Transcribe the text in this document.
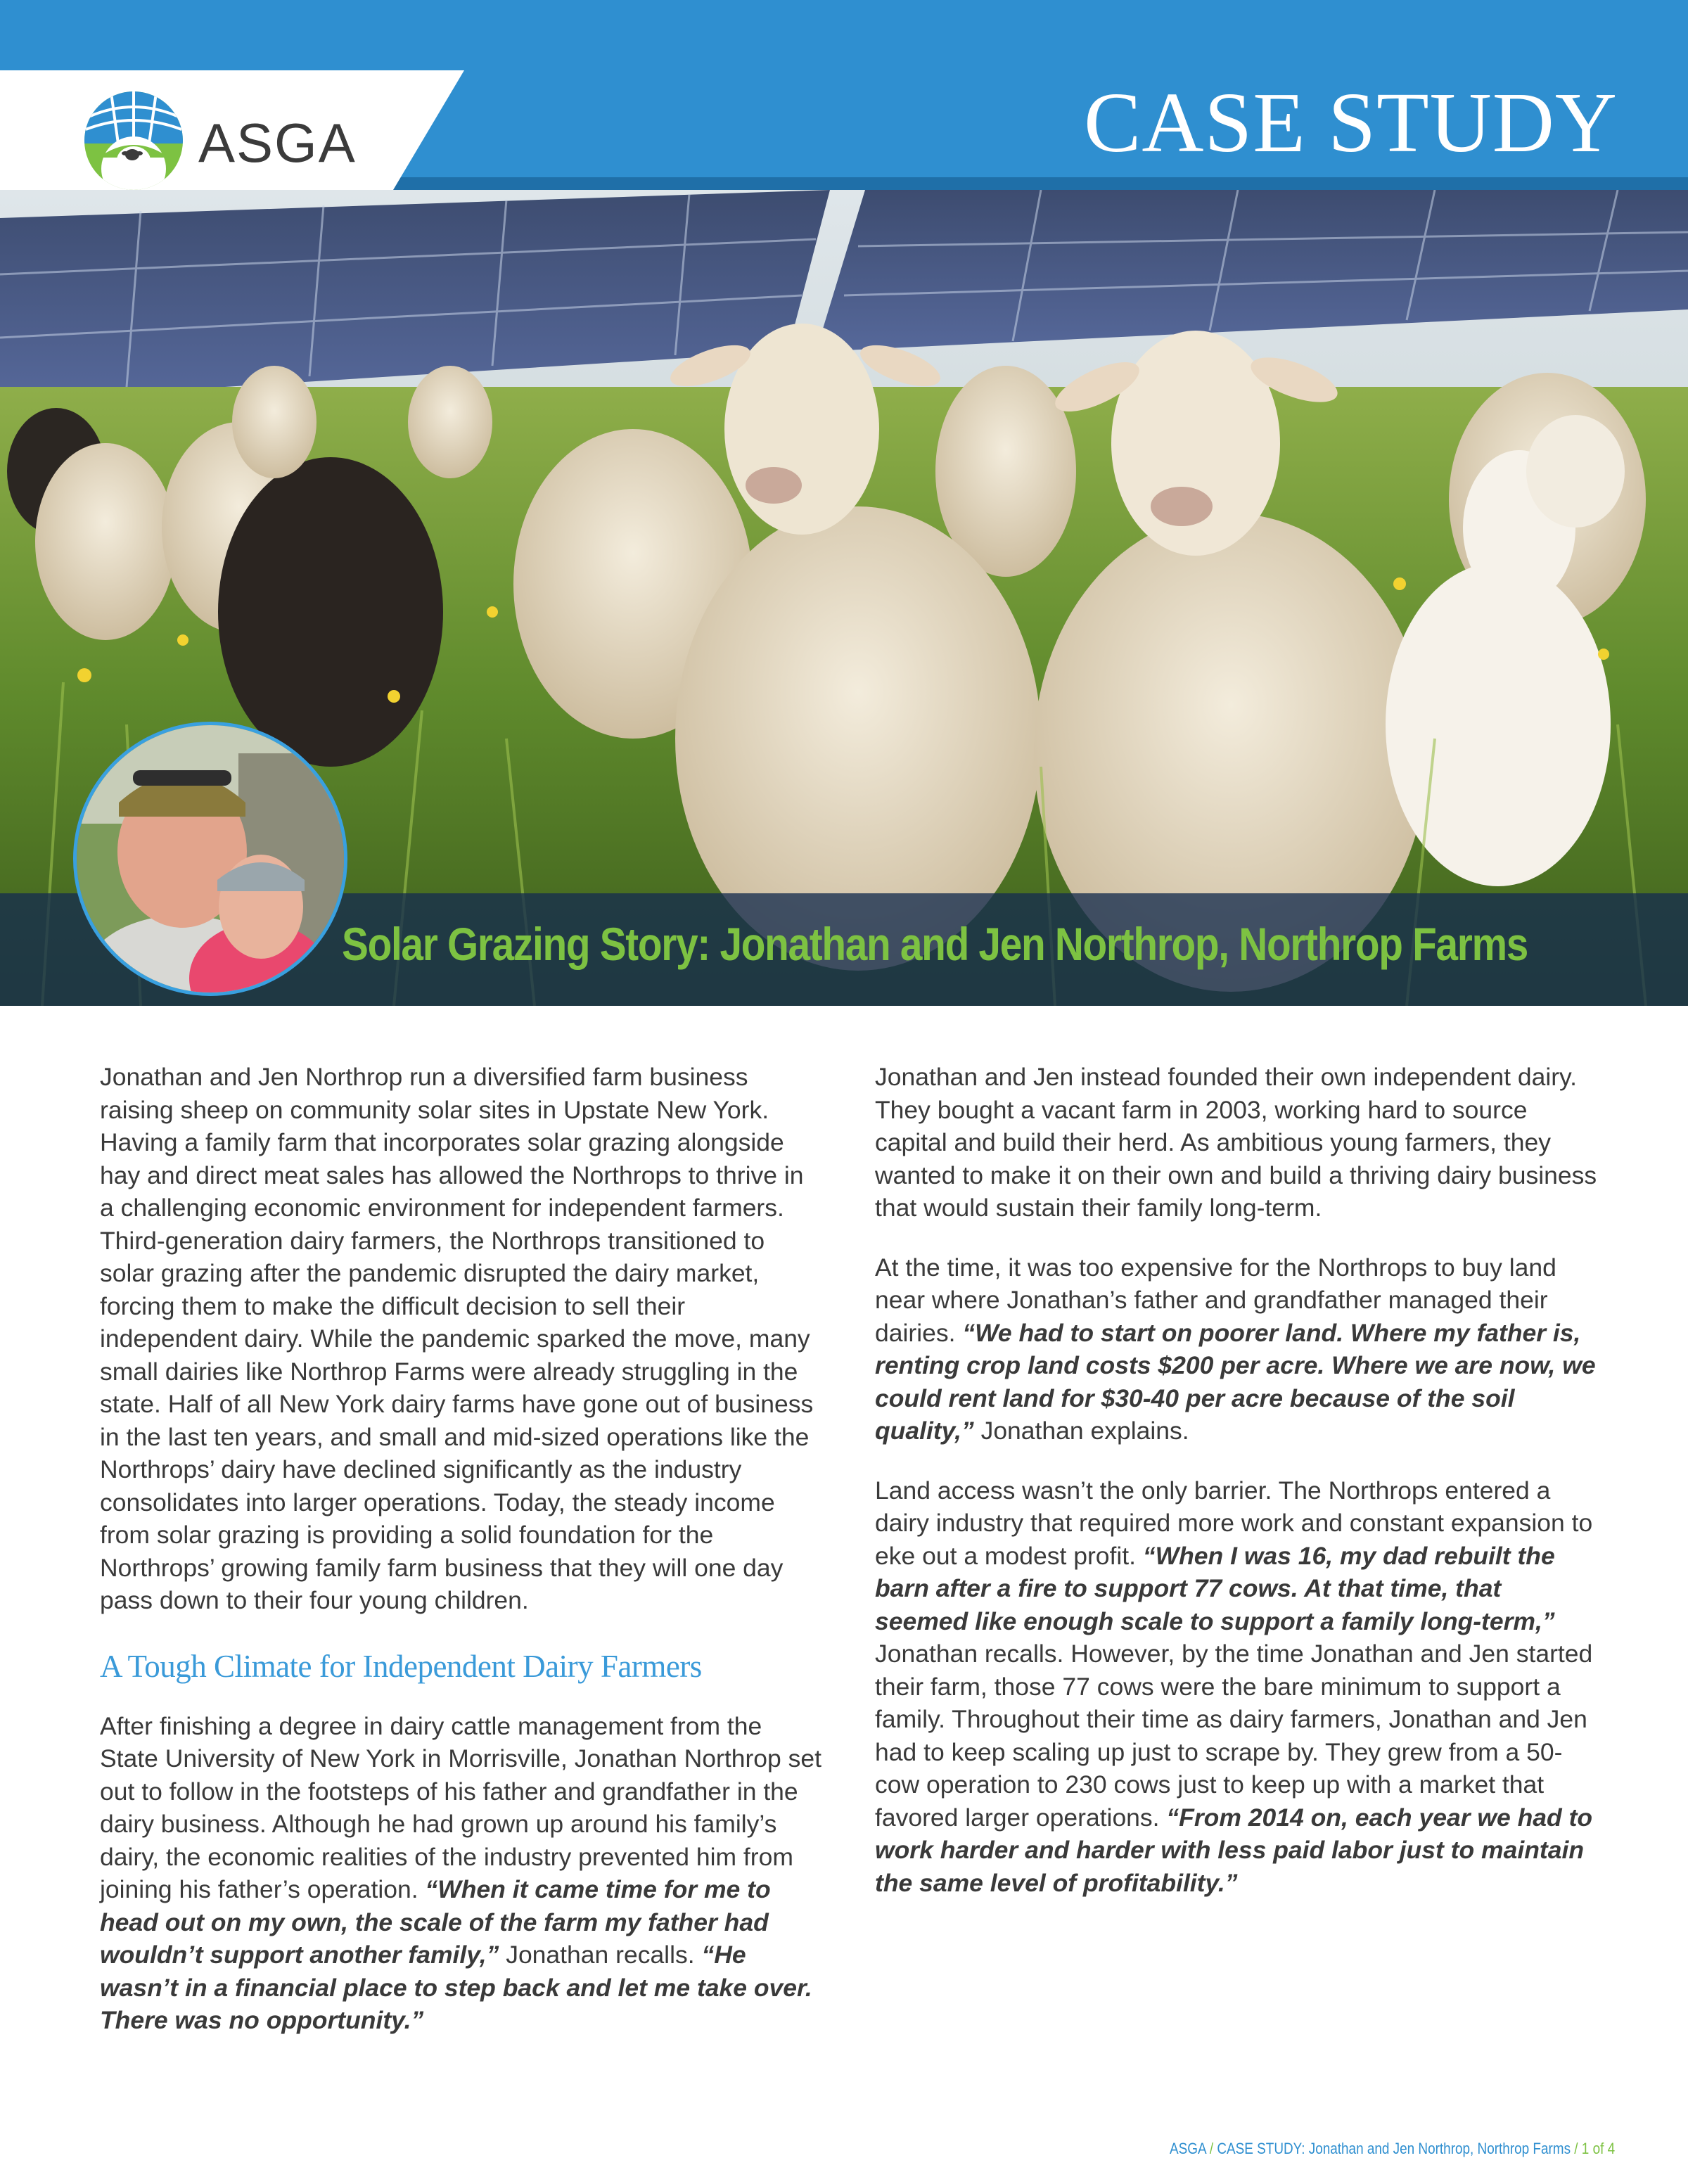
ASGA	CASE STUDY
Solar Grazing Story: Jonathan and Jen Northrop, Northrop Farms

Jonathan and Jen Northrop run a diversified farm business raising sheep on community solar sites in Upstate New York. Having a family farm that incorporates solar grazing alongside hay and direct meat sales has allowed the Northrops to thrive in a challenging economic environment for independent farmers. Third-generation dairy farmers, the Northrops transitioned to solar grazing after the pandemic disrupted the dairy market, forcing them to make the difficult decision to sell their independent dairy. While the pandemic sparked the move, many small dairies like Northrop Farms were already struggling in the state. Half of all New York dairy farms have gone out of business in the last ten years, and small and mid-sized operations like the Northrops’ dairy have declined significantly as the industry consolidates into larger operations. Today, the steady income from solar grazing is providing a solid foundation for the Northrops’ growing family farm business that they will one day pass down to their four young children.

A Tough Climate for Independent Dairy Farmers

After finishing a degree in dairy cattle management from the State University of New York in Morrisville, Jonathan Northrop set out to follow in the footsteps of his father and grandfather in the dairy business. Although he had grown up around his family’s dairy, the economic realities of the industry prevented him from joining his father’s operation. “When it came time for me to head out on my own, the scale of the farm my father had wouldn’t support another family,” Jonathan recalls. “He wasn’t in a financial place to step back and let me take over. There was no opportunity.”

Jonathan and Jen instead founded their own independent dairy. They bought a vacant farm in 2003, working hard to source capital and build their herd. As ambitious young farmers, they wanted to make it on their own and build a thriving dairy business that would sustain their family long-term.

At the time, it was too expensive for the Northrops to buy land near where Jonathan’s father and grandfather managed their dairies. “We had to start on poorer land. Where my father is, renting crop land costs $200 per acre. Where we are now, we could rent land for $30-40 per acre because of the soil quality,” Jonathan explains.

Land access wasn’t the only barrier. The Northrops entered a dairy industry that required more work and constant expansion to eke out a modest profit. “When I was 16, my dad rebuilt the barn after a fire to support 77 cows. At that time, that seemed like enough scale to support a family long-term,” Jonathan recalls. However, by the time Jonathan and Jen started their farm, those 77 cows were the bare minimum to support a family. Throughout their time as dairy farmers, Jonathan and Jen had to keep scaling up just to scrape by. They grew from a 50-cow operation to 230 cows just to keep up with a market that favored larger operations. “From 2014 on, each year we had to work harder and harder with less paid labor just to maintain the same level of profitability.”

ASGA / CASE STUDY: Jonathan and Jen Northrop, Northrop Farms / 1 of 4
